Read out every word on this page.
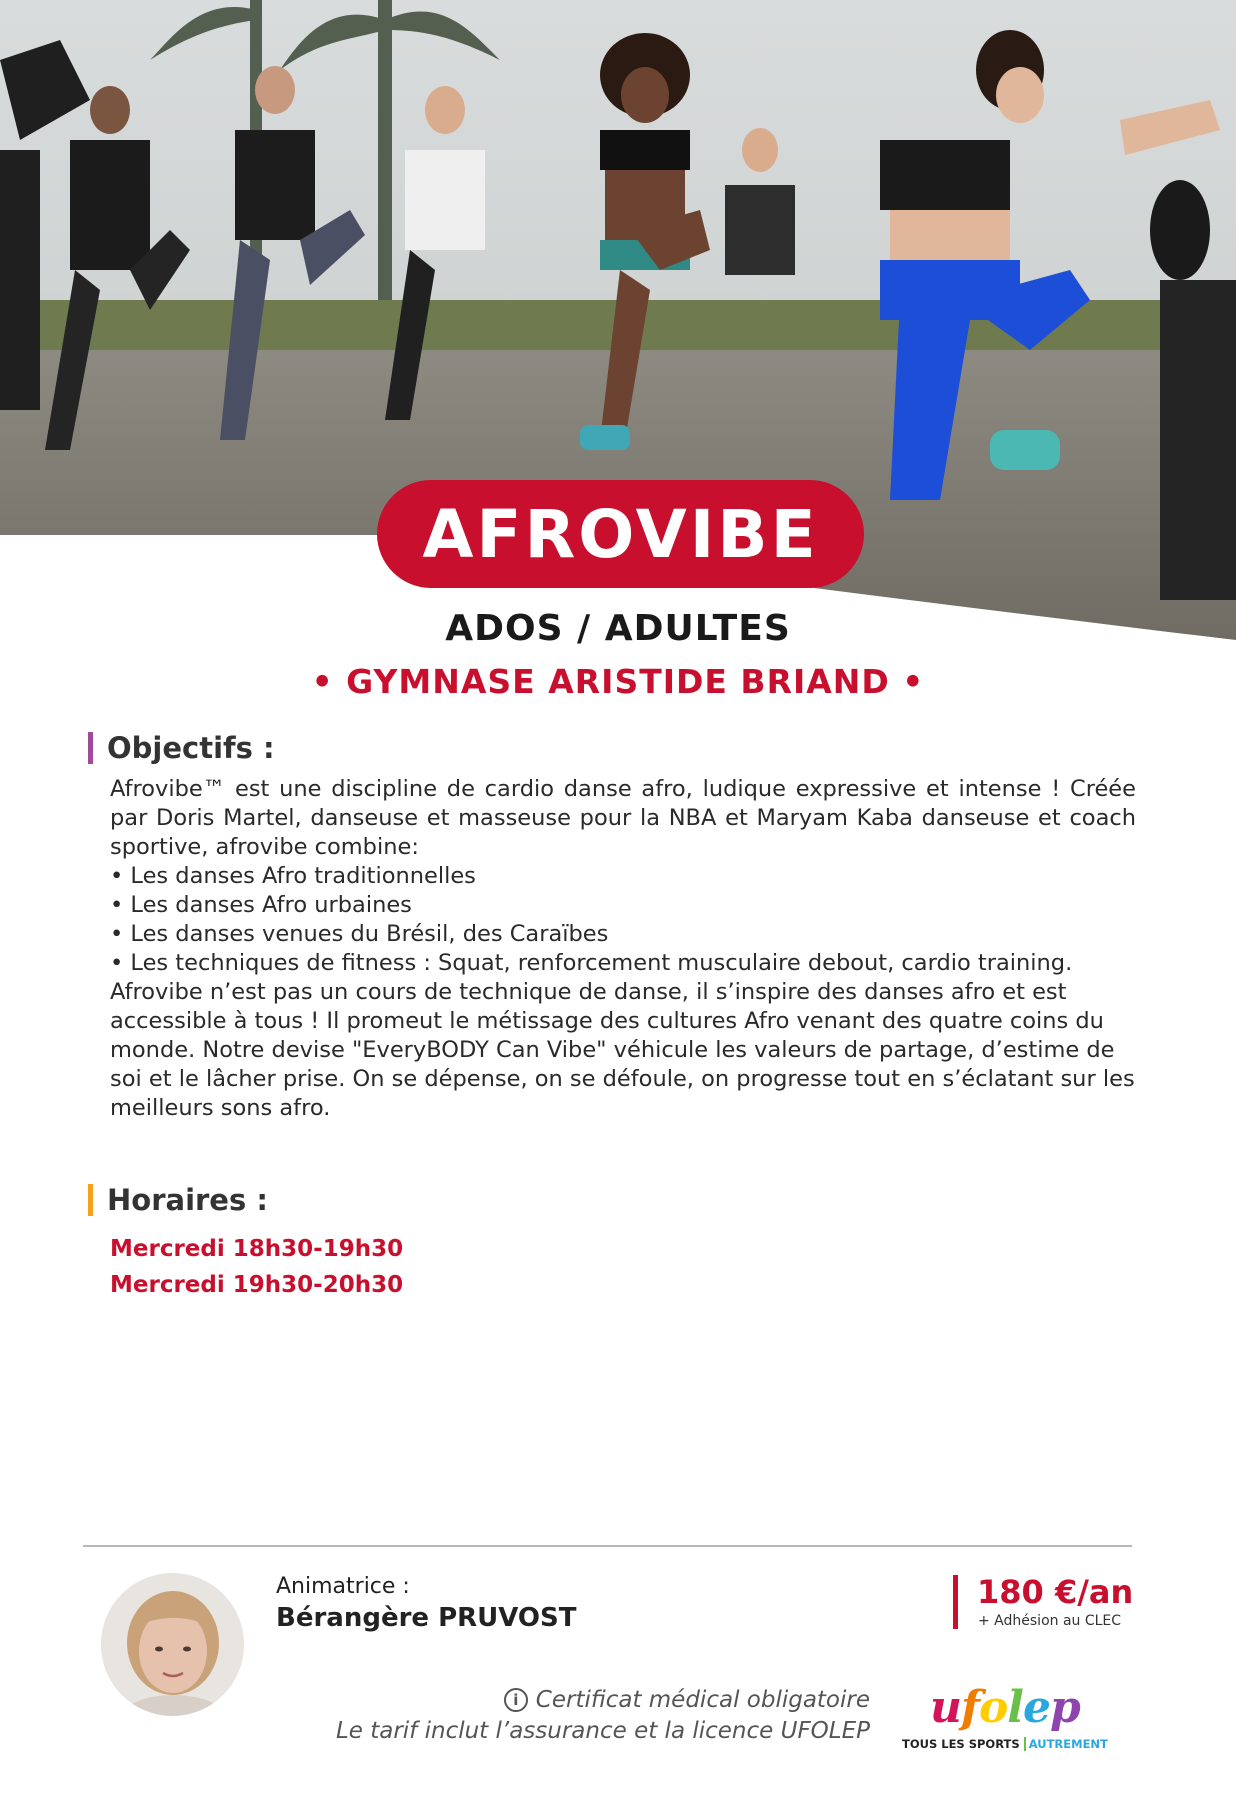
AFROVIBE
ADOS / ADULTES
• GYMNASE ARISTIDE BRIAND •
Objectifs :

Afrovibe™ est une discipline de cardio danse afro, ludique expressive et intense ! Créée par Doris Martel, danseuse et masseuse pour la NBA et Maryam Kaba danseuse et coach sportive, afrovibe combine:

• Les danses Afro traditionnelles

• Les danses Afro urbaines

• Les danses venues du Brésil, des Caraïbes

• Les techniques de fitness : Squat, renforcement musculaire debout, cardio training. Afrovibe n’est pas un cours de technique de danse, il s’inspire des danses afro et est accessible à tous ! Il promeut le métissage des cultures Afro venant des quatre coins du monde. Notre devise "EveryBODY Can Vibe" véhicule les valeurs de partage, d’estime de soi et le lâcher prise. On se dépense, on se défoule, on progresse tout en s’éclatant sur les meilleurs sons afro.

Horaires :
Mercredi 18h30-19h30
Mercredi 19h30-20h30
Animatrice :
Bérangère PRUVOST
180 €/an
+ Adhésion au CLEC
i Certificat médical obligatoire
Le tarif inclut l’assurance et la licence UFOLEP ufolep
TOUS LES SPORTS AUTREMENT
